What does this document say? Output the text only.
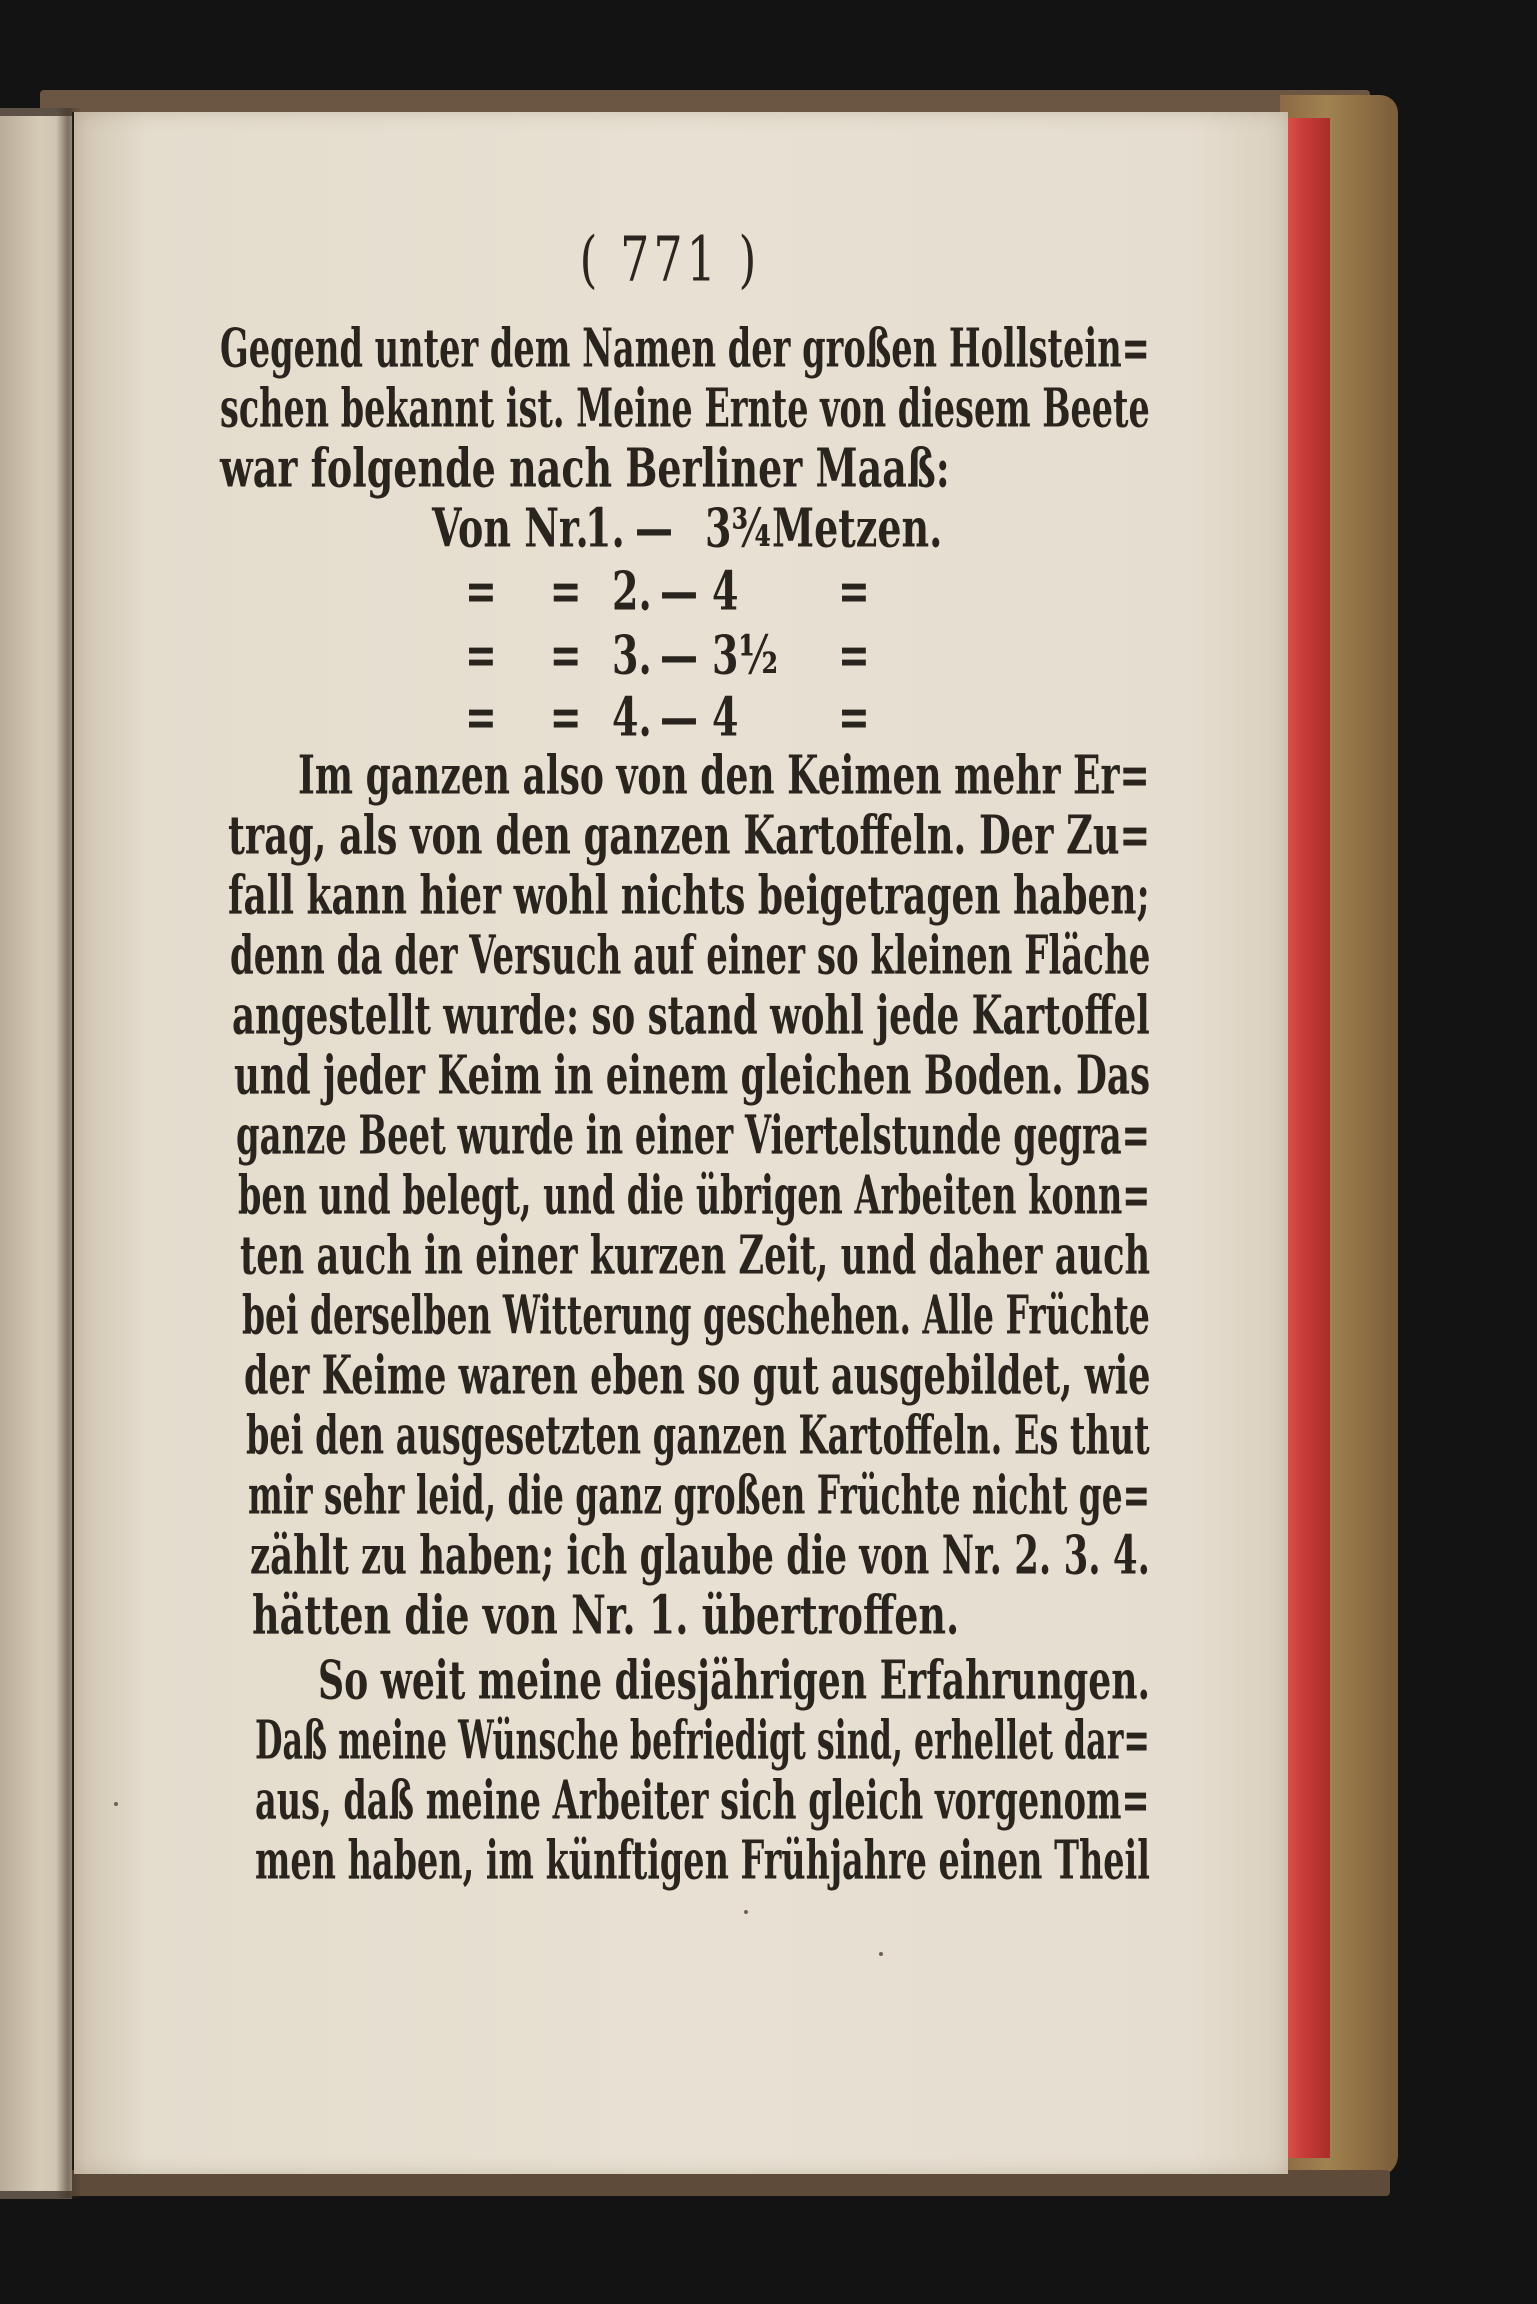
( 771 )
Gegend unter dem Namen der großen Hollstein=
schen bekannt ist. Meine Ernte von diesem Beete
war folgende nach Berliner Maaß:
Von Nr.
1. — 3¾ Metzen.
=    = 2. — 4	=
=    = 3. — 3½ =
=    = 4. — 4	=
Im ganzen also von den Keimen mehr Er=
trag, als von den ganzen Kartoffeln. Der Zu=
fall kann hier wohl nichts beigetragen haben;
denn da der Versuch auf einer so kleinen Fläche
angestellt wurde: so stand wohl jede Kartoffel
und jeder Keim in einem gleichen Boden. Das
ganze Beet wurde in einer Viertelstunde gegra=
ben und belegt, und die übrigen Arbeiten konn=
ten auch in einer kurzen Zeit, und daher auch
bei derselben Witterung geschehen. Alle Früchte
der Keime waren eben so gut ausgebildet, wie
bei den ausgesetzten ganzen Kartoffeln. Es thut
mir sehr leid, die ganz großen Früchte nicht ge=
zählt zu haben; ich glaube die von Nr. 2. 3. 4.
hätten die von Nr. 1. übertroffen.
So weit meine diesjährigen Erfahrungen.
Daß meine Wünsche befriedigt sind, erhellet dar=
aus, daß meine Arbeiter sich gleich vorgenom=
men haben, im künftigen Frühjahre einen Theil
